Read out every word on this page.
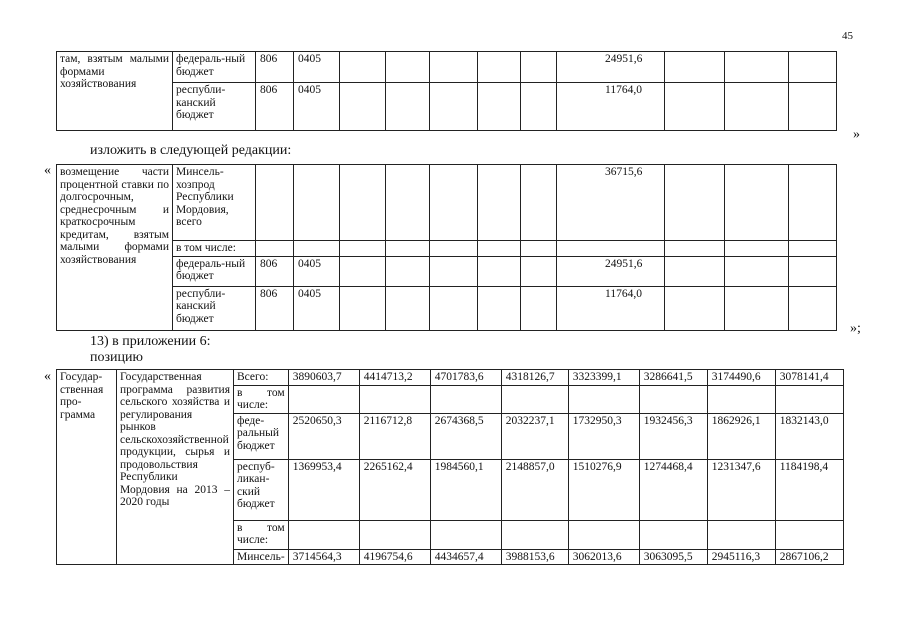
45
там, взятым малыми формами хозяйствования	федераль-ный бюджет	806	0405						24951,6			
	республи-канский бюджет	806	0405						11764,0			
»
изложить в следующей редакции:
« возмещение части процентной ставки по долгосрочным, среднесрочным и краткосрочным кредитам, взятым малыми формами хозяйствования	Минсель-хозпрод Республики Мордовия, всего								36715,6			
	в том числе:											
	федераль-ный бюджет	806	0405						24951,6			
	республи-канский бюджет	806	0405						11764,0			
»;
13) в приложении 6:
позицию
« Государ-ственная про-грамма	Государственная программа развития сельского хозяйства и регулирования рынков сельскохозяйственной продукции, сырья и продовольствия Республики Мордовия на 2013 – 2020 годы	Всего:	3890603,7	4414713,2	4701783,6	4318126,7	3323399,1	3286641,5	3174490,6	3078141,4
		в том числе:								
		феде-ральный бюджет	2520650,3	2116712,8	2674368,5	2032237,1	1732950,3	1932456,3	1862926,1	1832143,0
		респуб-ликан-ский бюджет	1369953,4	2265162,4	1984560,1	2148857,0	1510276,9	1274468,4	1231347,6	1184198,4
		в том числе:								
		Минсель-	3714564,3	4196754,6	4434657,4	3988153,6	3062013,6	3063095,5	2945116,3	2867106,2
